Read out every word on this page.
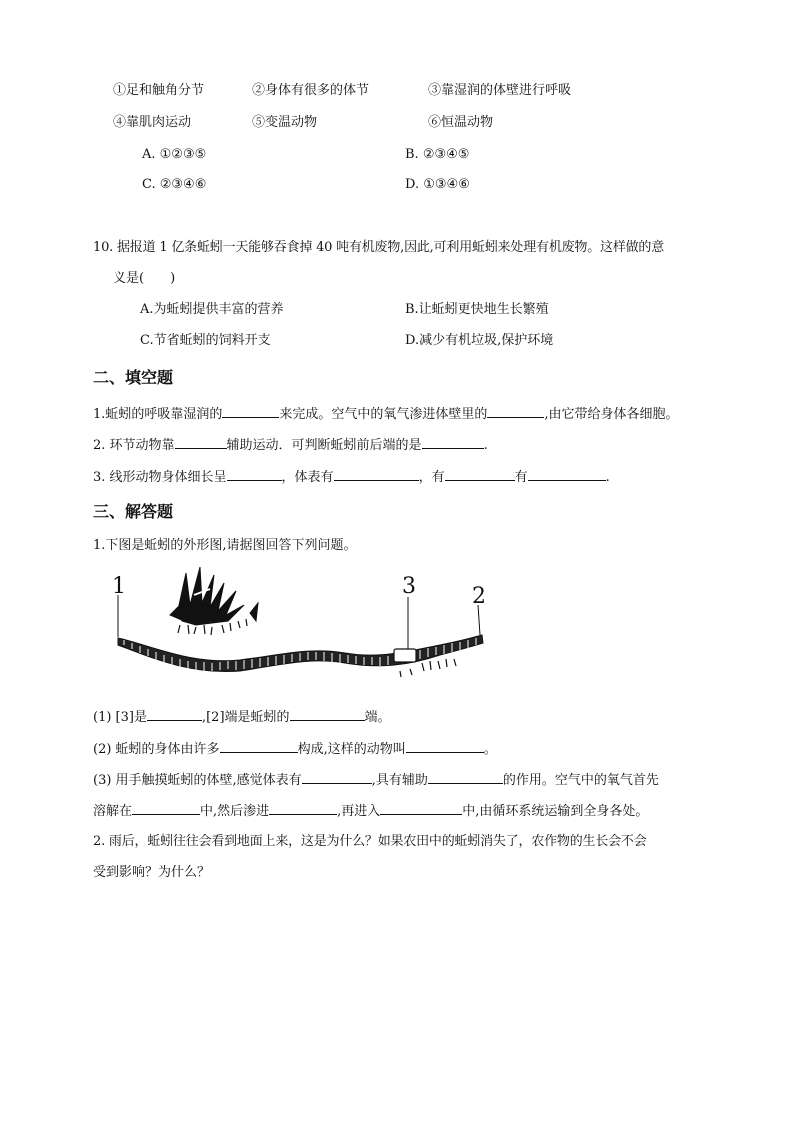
①足和触角分节	②身体有很多的体节	③靠湿润的体壁进行呼吸
④靠肌肉运动	⑤变温动物	⑥恒温动物
A. ①②③⑤	B. ②③④⑤
C. ②③④⑥	D. ①③④⑥
10. 据报道 1 亿条蚯蚓一天能够吞食掉 40 吨有机废物,因此,可利用蚯蚓来处理有机废物。这样做的意
义是(　　)
A.为蚯蚓提供丰富的营养	B.让蚯蚓更快地生长繁殖
C.节省蚯蚓的饲料开支	D.减少有机垃圾,保护环境
二、填空题
1.蚯蚓的呼吸靠湿润的	来完成。空气中的氧气渗进体壁里的	,由它带给身体各细胞。
2. 环节动物靠	辅助运动．可判断蚯蚓前后端的是	.
3. 线形动物身体细长呈	，体表有	，有	有	.
三、解答题
1.下图是蚯蚓的外形图,请据图回答下列问题。
1	3	2
(1) [3]是	,[2]端是蚯蚓的	端。
(2) 蚯蚓的身体由许多	构成,这样的动物叫	。
(3) 用手触摸蚯蚓的体壁,感觉体表有	,具有辅助	的作用。空气中的氧气首先
溶解在	中,然后渗进	,再进入	中,由循环系统运输到全身各处。
2. 雨后，蚯蚓往往会看到地面上来，这是为什么？如果农田中的蚯蚓消失了，农作物的生长会不会
受到影响？为什么？
